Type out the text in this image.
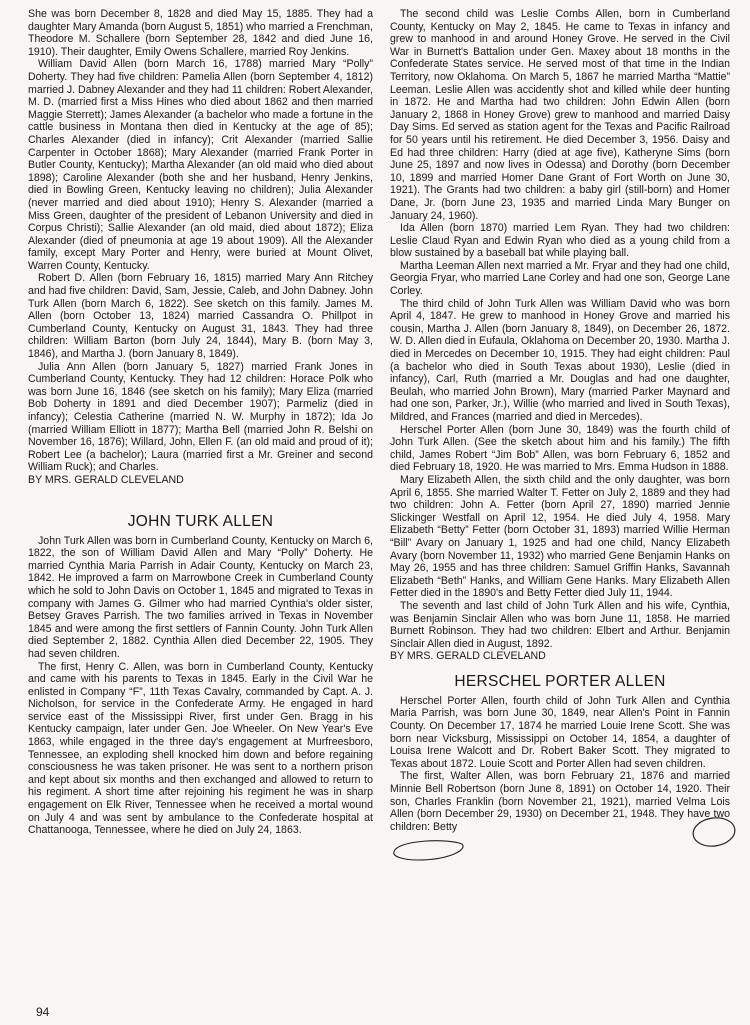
She was born December 8, 1828 and died May 15, 1885. They had a daughter Mary Amanda (born August 5, 1851) who married a Frenchman, Theodore M. Schallere (born September 28, 1842 and died June 16, 1910). Their daughter, Emily Owens Schallere, married Roy Jenkins.

William David Allen (born March 16, 1788) married Mary “Polly” Doherty. They had five children: Pamelia Allen (born September 4, 1812) married J. Dabney Alexander and they had 11 children: Robert Alexander, M. D. (married first a Miss Hines who died about 1862 and then married Maggie Sterrett); James Alexander (a bachelor who made a fortune in the cattle business in Montana then died in Kentucky at the age of 85); Charles Alexander (died in infancy); Crit Alexander (married Sallie Carpenter in October 1868); Mary Alexander (married Frank Porter in Butler County, Kentucky); Martha Alexander (an old maid who died about 1898); Caroline Alexander (both she and her husband, Henry Jenkins, died in Bowling Green, Kentucky leaving no children); Julia Alexander (never married and died about 1910); Henry S. Alexander (married a Miss Green, daughter of the president of Lebanon University and died in Corpus Christi); Sallie Alexander (an old maid, died about 1872); Eliza Alexander (died of pneumonia at age 19 about 1909). All the Alexander family, except Mary Porter and Henry, were buried at Mount Olivet, Warren County, Kentucky.

Robert D. Allen (born February 16, 1815) married Mary Ann Ritchey and had five children: David, Sam, Jessie, Caleb, and John Dabney. John Turk Allen (born March 6, 1822). See sketch on this family. James M. Allen (born October 13, 1824) married Cassandra O. Phillpot in Cumberland County, Kentucky on August 31, 1843. They had three children: William Barton (born July 24, 1844), Mary B. (born May 3, 1846), and Martha J. (born January 8, 1849).

Julia Ann Allen (born January 5, 1827) married Frank Jones in Cumberland County, Kentucky. They had 12 children: Horace Polk who was born June 16, 1846 (see sketch on his family); Mary Eliza (married Bob Doherty in 1891 and died December 1907); Parmeliz (died in infancy); Celestia Catherine (married N. W. Murphy in 1872); Ida Jo (married William Elliott in 1877); Martha Bell (married John R. Belshi on November 16, 1876); Willard, John, Ellen F. (an old maid and proud of it); Robert Lee (a bachelor); Laura (married first a Mr. Greiner and second William Ruck); and Charles.

BY MRS. GERALD CLEVELAND

JOHN TURK ALLEN

John Turk Allen was born in Cumberland County, Kentucky on March 6, 1822, the son of William David Allen and Mary “Polly” Doherty. He married Cynthia Maria Parrish in Adair County, Kentucky on March 23, 1842. He improved a farm on Marrowbone Creek in Cumberland County which he sold to John Davis on October 1, 1845 and migrated to Texas in company with James G. Gilmer who had married Cynthia's older sister, Betsey Graves Parrish. The two families arrived in Texas in November 1845 and were among the first settlers of Fannin County. John Turk Allen died September 2, 1882. Cynthia Allen died December 22, 1905. They had seven children.

The first, Henry C. Allen, was born in Cumberland County, Kentucky and came with his parents to Texas in 1845. Early in the Civil War he enlisted in Company “F”, 11th Texas Cavalry, commanded by Capt. A. J. Nicholson, for service in the Confederate Army. He engaged in hard service east of the Mississippi River, first under Gen. Bragg in his Kentucky campaign, later under Gen. Joe Wheeler. On New Year's Eve 1863, while engaged in the three day's engagement at Murfreesboro, Tennessee, an exploding shell knocked him down and before regaining consciousness he was taken prisoner. He was sent to a northern prison and kept about six months and then exchanged and allowed to return to his regiment. A short time after rejoining his regiment he was in sharp engagement on Elk River, Tennessee when he received a mortal wound on July 4 and was sent by ambulance to the Confederate hospital at Chattanooga, Tennessee, where he died on July 24, 1863.

The second child was Leslie Combs Allen, born in Cumberland County, Kentucky on May 2, 1845. He came to Texas in infancy and grew to manhood in and around Honey Grove. He served in the Civil War in Burnett's Battalion under Gen. Maxey about 18 months in the Confederate States service. He served most of that time in the Indian Territory, now Oklahoma. On March 5, 1867 he married Martha “Mattie” Leeman. Leslie Allen was accidently shot and killed while deer hunting in 1872. He and Martha had two children: John Edwin Allen (born January 2, 1868 in Honey Grove) grew to manhood and married Daisy Day Sims. Ed served as station agent for the Texas and Pacific Railroad for 50 years until his retirement. He died December 3, 1956. Daisy and Ed had three children: Harry (died at age five), Katheryne Sims (born June 25, 1897 and now lives in Odessa) and Dorothy (born December 10, 1899 and married Homer Dane Grant of Fort Worth on June 30, 1921). The Grants had two children: a baby girl (still-born) and Homer Dane, Jr. (born June 23, 1935 and married Linda Mary Bunger on January 24, 1960).

Ida Allen (born 1870) married Lem Ryan. They had two children: Leslie Claud Ryan and Edwin Ryan who died as a young child from a blow sustained by a baseball bat while playing ball.

Martha Leeman Allen next married a Mr. Fryar and they had one child, Georgia Fryar, who married Lane Corley and had one son, George Lane Corley.

The third child of John Turk Allen was William David who was born April 4, 1847. He grew to manhood in Honey Grove and married his cousin, Martha J. Allen (born January 8, 1849), on December 26, 1872. W. D. Allen died in Eufaula, Oklahoma on December 20, 1930. Martha J. died in Mercedes on December 10, 1915. They had eight children: Paul (a bachelor who died in South Texas about 1930), Leslie (died in infancy), Carl, Ruth (married a Mr. Douglas and had one daughter, Beulah, who married John Brown), Mary (married Parker Maynard and had one son, Parker, Jr.), Willie (who married and lived in South Texas), Mildred, and Frances (married and died in Mercedes).

Herschel Porter Allen (born June 30, 1849) was the fourth child of John Turk Allen. (See the sketch about him and his family.) The fifth child, James Robert “Jim Bob” Allen, was born February 6, 1852 and died February 18, 1920. He was married to Mrs. Emma Hudson in 1888.

Mary Elizabeth Allen, the sixth child and the only daughter, was born April 6, 1855. She married Walter T. Fetter on July 2, 1889 and they had two children: John A. Fetter (born April 27, 1890) married Jennie Slickinger Westfall on April 12, 1954. He died July 4, 1958. Mary Elizabeth “Betty” Fetter (born October 31, 1893) married Willie Herman “Bill” Avary on January 1, 1925 and had one child, Nancy Elizabeth Avary (born November 11, 1932) who married Gene Benjamin Hanks on May 26, 1955 and has three children: Samuel Griffin Hanks, Savannah Elizabeth “Beth” Hanks, and William Gene Hanks. Mary Elizabeth Allen Fetter died in the 1890's and Betty Fetter died July 11, 1944.

The seventh and last child of John Turk Allen and his wife, Cynthia, was Benjamin Sinclair Allen who was born June 11, 1858. He married Burnett Robinson. They had two children: Elbert and Arthur. Benjamin Sinclair Allen died in August, 1892.

BY MRS. GERALD CLEVELAND

HERSCHEL PORTER ALLEN

Herschel Porter Allen, fourth child of John Turk Allen and Cynthia Maria Parrish, was born June 30, 1849, near Allen's Point in Fannin County. On December 17, 1874 he married Louie Irene Scott. She was born near Vicksburg, Mississippi on October 14, 1854, a daughter of Louisa Irene Walcott and Dr. Robert Baker Scott. They migrated to Texas about 1872. Louie Scott and Porter Allen had seven children.

The first, Walter Allen, was born February 21, 1876 and married Minnie Bell Robertson (born June 8, 1891) on October 14, 1920. Their son, Charles Franklin (born November 21, 1921), married Velma Lois Allen (born December 29, 1930) on December 21, 1948. They have two children: Betty

94
